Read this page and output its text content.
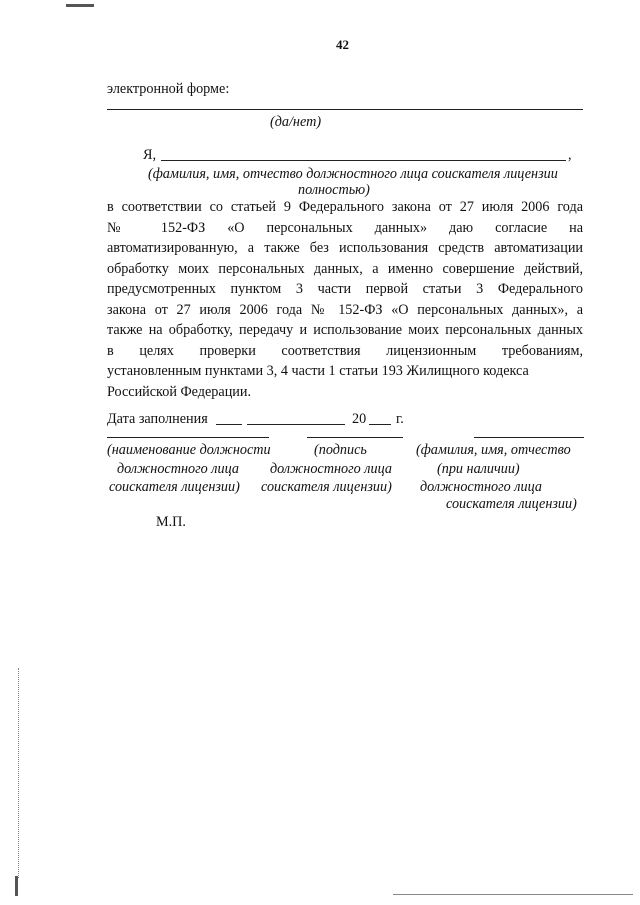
42
электронной форме:
(да/нет)
Я,	,
(фамилия, имя, отчество должностного лица соискателя лицензии
полностью)
в соответствии со статьей 9 Федерального закона от 27 июля 2006 года
№ 152-ФЗ «О персональных данных» даю согласие на
автоматизированную, а также без использования средств автоматизации
обработку моих персональных данных, а именно совершение действий,
предусмотренных пунктом 3 части первой статьи 3 Федерального
закона от 27 июля 2006 года № 152-ФЗ «О персональных данных», а
также на обработку, передачу и использование моих персональных данных
в целях проверки соответствия лицензионным требованиям,
установленным пунктами 3, 4 части 1 статьи 193 Жилищного кодекса
Российской Федерации.
Дата заполнения	20 г.
(наименование должности
должностного лица
соискателя лицензии)
(подпись
должностного лица
соискателя лицензии)
(фамилия, имя, отчество
(при наличии)
должностного лица
соискателя лицензии)
М.П.
